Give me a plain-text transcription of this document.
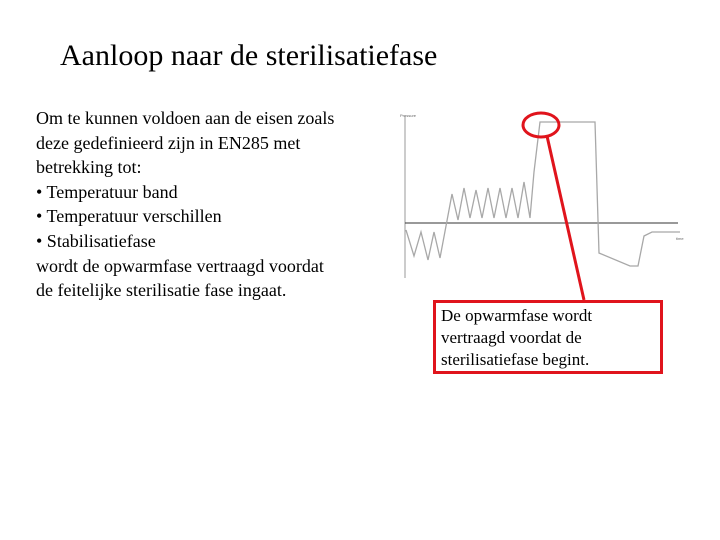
Aanloop naar de sterilisatiefase
Om te kunnen voldoen aan de eisen zoals
deze gedefinieerd zijn in EN285 met
betrekking tot:
• Temperatuur band
• Temperatuur verschillen
• Stabilisatiefase
wordt de opwarmfase vertraagd voordat
de feitelijke sterilisatie fase ingaat.
Pressure
time
De opwarmfase wordt
vertraagd voordat de
sterilisatiefase begint.
